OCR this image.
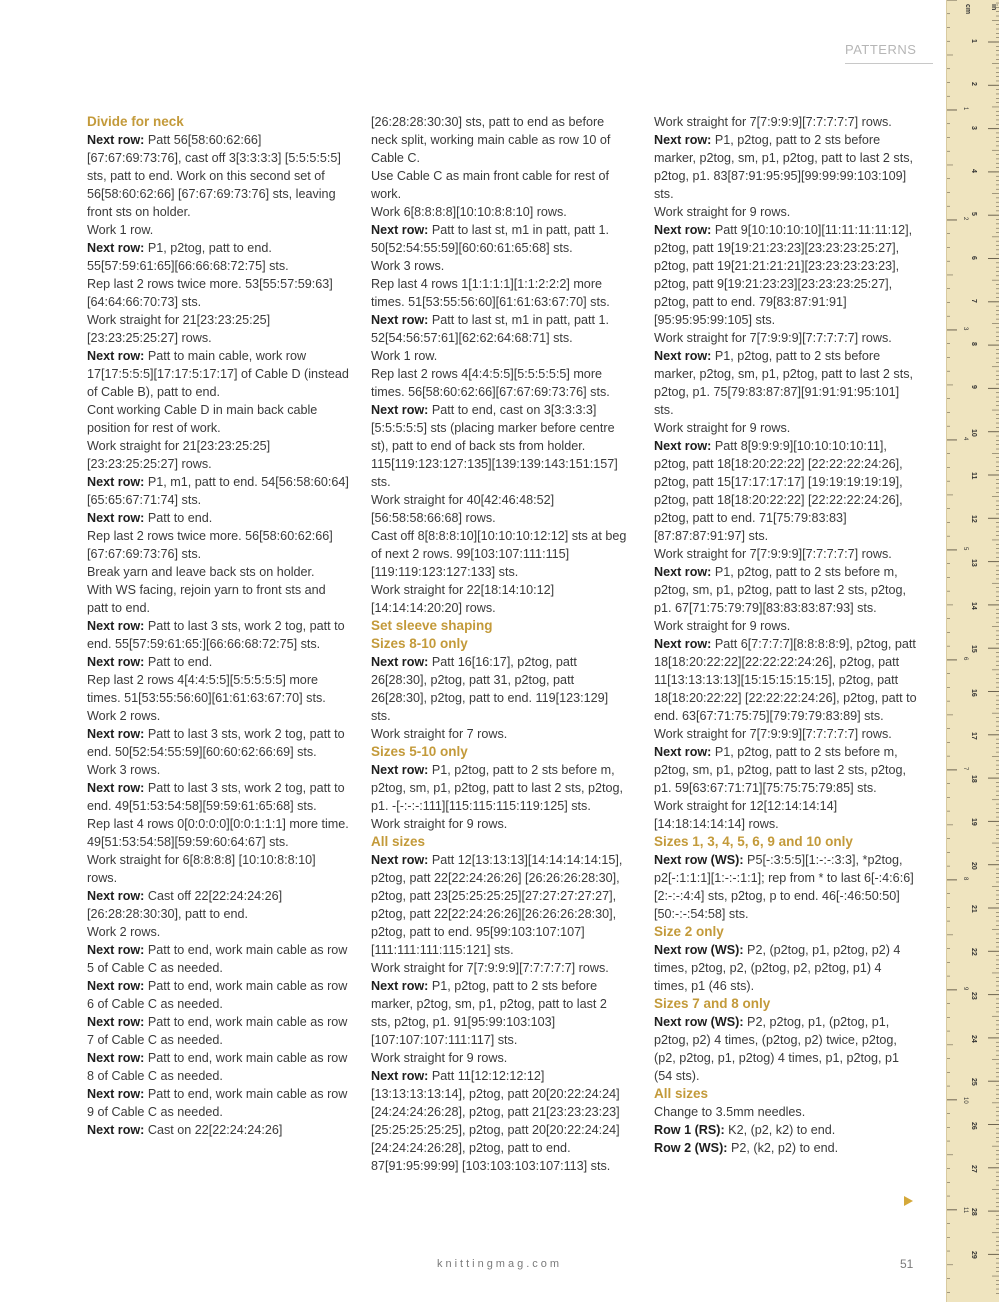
PATTERNS

Divide for neck

Next row: Patt 56[58:60:62:66] [67:67:69:73:76], cast off 3[3:3:3:3] [5:5:5:5:5] sts, patt to end. Work on this second set of 56[58:60:62:66] [67:67:69:73:76] sts, leaving front sts on holder.

Work 1 row.

Next row: P1, p2tog, patt to end. 55[57:59:61:65][66:66:68:72:75] sts.

Rep last 2 rows twice more. 53[55:57:59:63][64:64:66:70:73] sts.

Work straight for 21[23:23:25:25] [23:23:25:25:27] rows.

Next row: Patt to main cable, work row 17[17:5:5:5][17:17:5:17:17] of Cable D (instead of Cable B), patt to end.

Cont working Cable D in main back cable position for rest of work.

Work straight for 21[23:23:25:25] [23:23:25:25:27] rows.

Next row: P1, m1, patt to end. 54[56:58:60:64][65:65:67:71:74] sts.

Next row: Patt to end.

Rep last 2 rows twice more. 56[58:60:62:66][67:67:69:73:76] sts.

Break yarn and leave back sts on holder.

With WS facing, rejoin yarn to front sts and patt to end.

Next row: Patt to last 3 sts, work 2 tog, patt to end. 55[57:59:61:65:][66:66:68:72:75] sts.

Next row: Patt to end.

Rep last 2 rows 4[4:4:5:5][5:5:5:5:5] more times. 51[53:55:56:60][61:61:63:67:70] sts.

Work 2 rows.

Next row: Patt to last 3 sts, work 2 tog, patt to end. 50[52:54:55:59][60:60:62:66:69] sts.

Work 3 rows.

Next row: Patt to last 3 sts, work 2 tog, patt to end. 49[51:53:54:58][59:59:61:65:68] sts.

Rep last 4 rows 0[0:0:0:0][0:0:1:1:1] more time. 49[51:53:54:58][59:59:60:64:67] sts.

Work straight for 6[8:8:8:8] [10:10:8:8:10] rows.

Next row: Cast off 22[22:24:24:26] [26:28:28:30:30], patt to end.

Work 2 rows.

Next row: Patt to end, work main cable as row 5 of Cable C as needed.

Next row: Patt to end, work main cable as row 6 of Cable C as needed.

Next row: Patt to end, work main cable as row 7 of Cable C as needed.

Next row: Patt to end, work main cable as row 8 of Cable C as needed.

Next row: Patt to end, work main cable as row 9 of Cable C as needed.

Next row: Cast on 22[22:24:24:26]

[26:28:28:30:30] sts, patt to end as before neck split, working main cable as row 10 of Cable C.

Use Cable C as main front cable for rest of work.

Work 6[8:8:8:8][10:10:8:8:10] rows.

Next row: Patt to last st, m1 in patt, patt 1. 50[52:54:55:59][60:60:61:65:68] sts.

Work 3 rows.

Rep last 4 rows 1[1:1:1:1][1:1:2:2:2] more times. 51[53:55:56:60][61:61:63:67:70] sts.

Next row: Patt to last st, m1 in patt, patt 1. 52[54:56:57:61][62:62:64:68:71] sts.

Work 1 row.

Rep last 2 rows 4[4:4:5:5][5:5:5:5:5] more times. 56[58:60:62:66][67:67:69:73:76] sts.

Next row: Patt to end, cast on 3[3:3:3:3] [5:5:5:5:5] sts (placing marker before centre st), patt to end of back sts from holder. 115[119:123:127:135][139:139:143:151:157] sts.

Work straight for 40[42:46:48:52] [56:58:58:66:68] rows.

Cast off 8[8:8:8:10][10:10:10:12:12] sts at beg of next 2 rows. 99[103:107:111:115] [119:119:123:127:133] sts.

Work straight for 22[18:14:10:12] [14:14:14:20:20] rows.

Set sleeve shaping

Sizes 8-10 only

Next row: Patt 16[16:17], p2tog, patt 26[28:30], p2tog, patt 31, p2tog, patt 26[28:30], p2tog, patt to end. 119[123:129] sts.

Work straight for 7 rows.

Sizes 5-10 only

Next row: P1, p2tog, patt to 2 sts before m, p2tog, sm, p1, p2tog, patt to last 2 sts, p2tog, p1. -[-:-:-:111][115:115:115:119:125] sts.

Work straight for 9 rows.

All sizes

Next row: Patt 12[13:13:13][14:14:14:14:15], p2tog, patt 22[22:24:26:26] [26:26:26:28:30], p2tog, patt 23[25:25:25:25][27:27:27:27:27], p2tog, patt 22[22:24:26:26][26:26:26:28:30], p2tog, patt to end. 95[99:103:107:107][111:111:111:115:121] sts.

Work straight for 7[7:9:9:9][7:7:7:7:7] rows.

Next row: P1, p2tog, patt to 2 sts before marker, p2tog, sm, p1, p2tog, patt to last 2 sts, p2tog, p1. 91[95:99:103:103][107:107:107:111:117] sts.

Work straight for 9 rows.

Next row: Patt 11[12:12:12:12][13:13:13:13:14], p2tog, patt 20[20:22:24:24] [24:24:24:26:28], p2tog, patt 21[23:23:23:23][25:25:25:25:25], p2tog, patt 20[20:22:24:24][24:24:24:26:28], p2tog, patt to end. 87[91:95:99:99] [103:103:103:107:113] sts.

Work straight for 7[7:9:9:9][7:7:7:7:7] rows.

Next row: P1, p2tog, patt to 2 sts before marker, p2tog, sm, p1, p2tog, patt to last 2 sts, p2tog, p1. 83[87:91:95:95][99:99:99:103:109] sts.

Work straight for 9 rows.

Next row: Patt 9[10:10:10:10][11:11:11:11:12], p2tog, patt 19[19:21:23:23][23:23:23:25:27], p2tog, patt 19[21:21:21:21][23:23:23:23:23], p2tog, patt 9[19:21:23:23][23:23:23:25:27], p2tog, patt to end. 79[83:87:91:91][95:95:95:99:105] sts.

Work straight for 7[7:9:9:9][7:7:7:7:7] rows.

Next row: P1, p2tog, patt to 2 sts before marker, p2tog, sm, p1, p2tog, patt to last 2 sts, p2tog, p1. 75[79:83:87:87][91:91:91:95:101] sts.

Work straight for 9 rows.

Next row: Patt 8[9:9:9:9][10:10:10:10:11], p2tog, patt 18[18:20:22:22] [22:22:22:24:26], p2tog, patt 15[17:17:17:17] [19:19:19:19:19], p2tog, patt 18[18:20:22:22] [22:22:22:24:26], p2tog, patt to end. 71[75:79:83:83][87:87:87:91:97] sts.

Work straight for 7[7:9:9:9][7:7:7:7:7] rows.

Next row: P1, p2tog, patt to 2 sts before m, p2tog, sm, p1, p2tog, patt to last 2 sts, p2tog, p1. 67[71:75:79:79][83:83:83:87:93] sts.

Work straight for 9 rows.

Next row: Patt 6[7:7:7:7][8:8:8:8:9], p2tog, patt 18[18:20:22:22][22:22:22:24:26], p2tog, patt 11[13:13:13:13][15:15:15:15:15], p2tog, patt 18[18:20:22:22] [22:22:22:24:26], p2tog, patt to end. 63[67:71:75:75][79:79:79:83:89] sts.

Work straight for 7[7:9:9:9][7:7:7:7:7] rows.

Next row: P1, p2tog, patt to 2 sts before m, p2tog, sm, p1, p2tog, patt to last 2 sts, p2tog, p1. 59[63:67:71:71][75:75:75:79:85] sts.

Work straight for 12[12:14:14:14] [14:18:14:14:14] rows.

Sizes 1, 3, 4, 5, 6, 9 and 10 only

Next row (WS): P5[-:3:5:5][1:-:-:3:3], *p2tog, p2[-:1:1:1][1:-:-:1:1]; rep from * to last 6[-:4:6:6][2:-:-:4:4] sts, p2tog, p to end. 46[-:46:50:50][50:-:-:54:58] sts.

Size 2 only

Next row (WS): P2, (p2tog, p1, p2tog, p2) 4 times, p2tog, p2, (p2tog, p2, p2tog, p1) 4 times, p1 (46 sts).

Sizes 7 and 8 only

Next row (WS): P2, p2tog, p1, (p2tog, p1, p2tog, p2) 4 times, (p2tog, p2) twice, p2tog, (p2, p2tog, p1, p2tog) 4 times, p1, p2tog, p1 (54 sts).

All sizes

Change to 3.5mm needles.

Row 1 (RS): K2, (p2, k2) to end.

Row 2 (WS): P2, (k2, p2) to end.

knittingmag.com	51
cm	in
1
2
3
4
5
6
7
8
9
10
11
12
13
14
15
16
17
18
19
20
21
22
23
24
25
26
27
28
29
1
2
3
4
5
6
7
8
9
10
11
